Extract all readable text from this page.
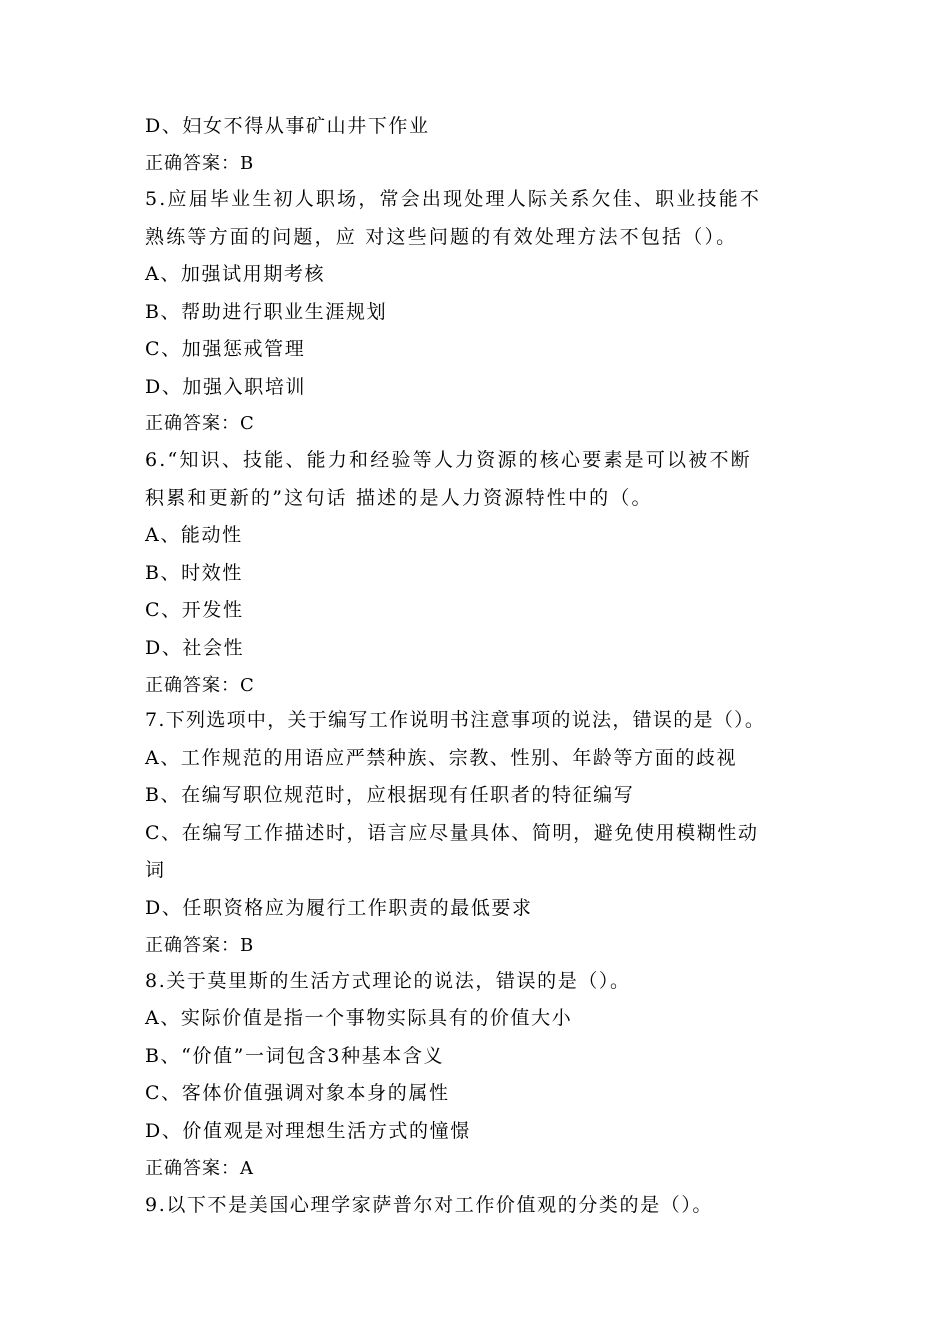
D、妇女不得从事矿山井下作业
正确答案：B
5.应届毕业生初人职场，常会出现处理人际关系欠佳、职业技能不
熟练等方面的问题，应 对这些问题的有效处理方法不包括（）。
A、加强试用期考核
B、帮助进行职业生涯规划
C、加强惩戒管理
D、加强入职培训
正确答案：C
6.“知识、技能、能力和经验等人力资源的核心要素是可以被不断
积累和更新的”这句话 描述的是人力资源特性中的（。
A、能动性
B、时效性
C、开发性
D、社会性
正确答案：C
7.下列选项中，关于编写工作说明书注意事项的说法，错误的是（）。
A、工作规范的用语应严禁种族、宗教、性别、年龄等方面的歧视
B、在编写职位规范时，应根据现有任职者的特征编写
C、在编写工作描述时，语言应尽量具体、简明，避免使用模糊性动
词
D、任职资格应为履行工作职责的最低要求
正确答案：B
8.关于莫里斯的生活方式理论的说法，错误的是（）。
A、实际价值是指一个事物实际具有的价值大小
B、“价值”一词包含3种基本含义
C、客体价值强调对象本身的属性
D、价值观是对理想生活方式的憧憬
正确答案：A
9.以下不是美国心理学家萨普尔对工作价值观的分类的是（）。
